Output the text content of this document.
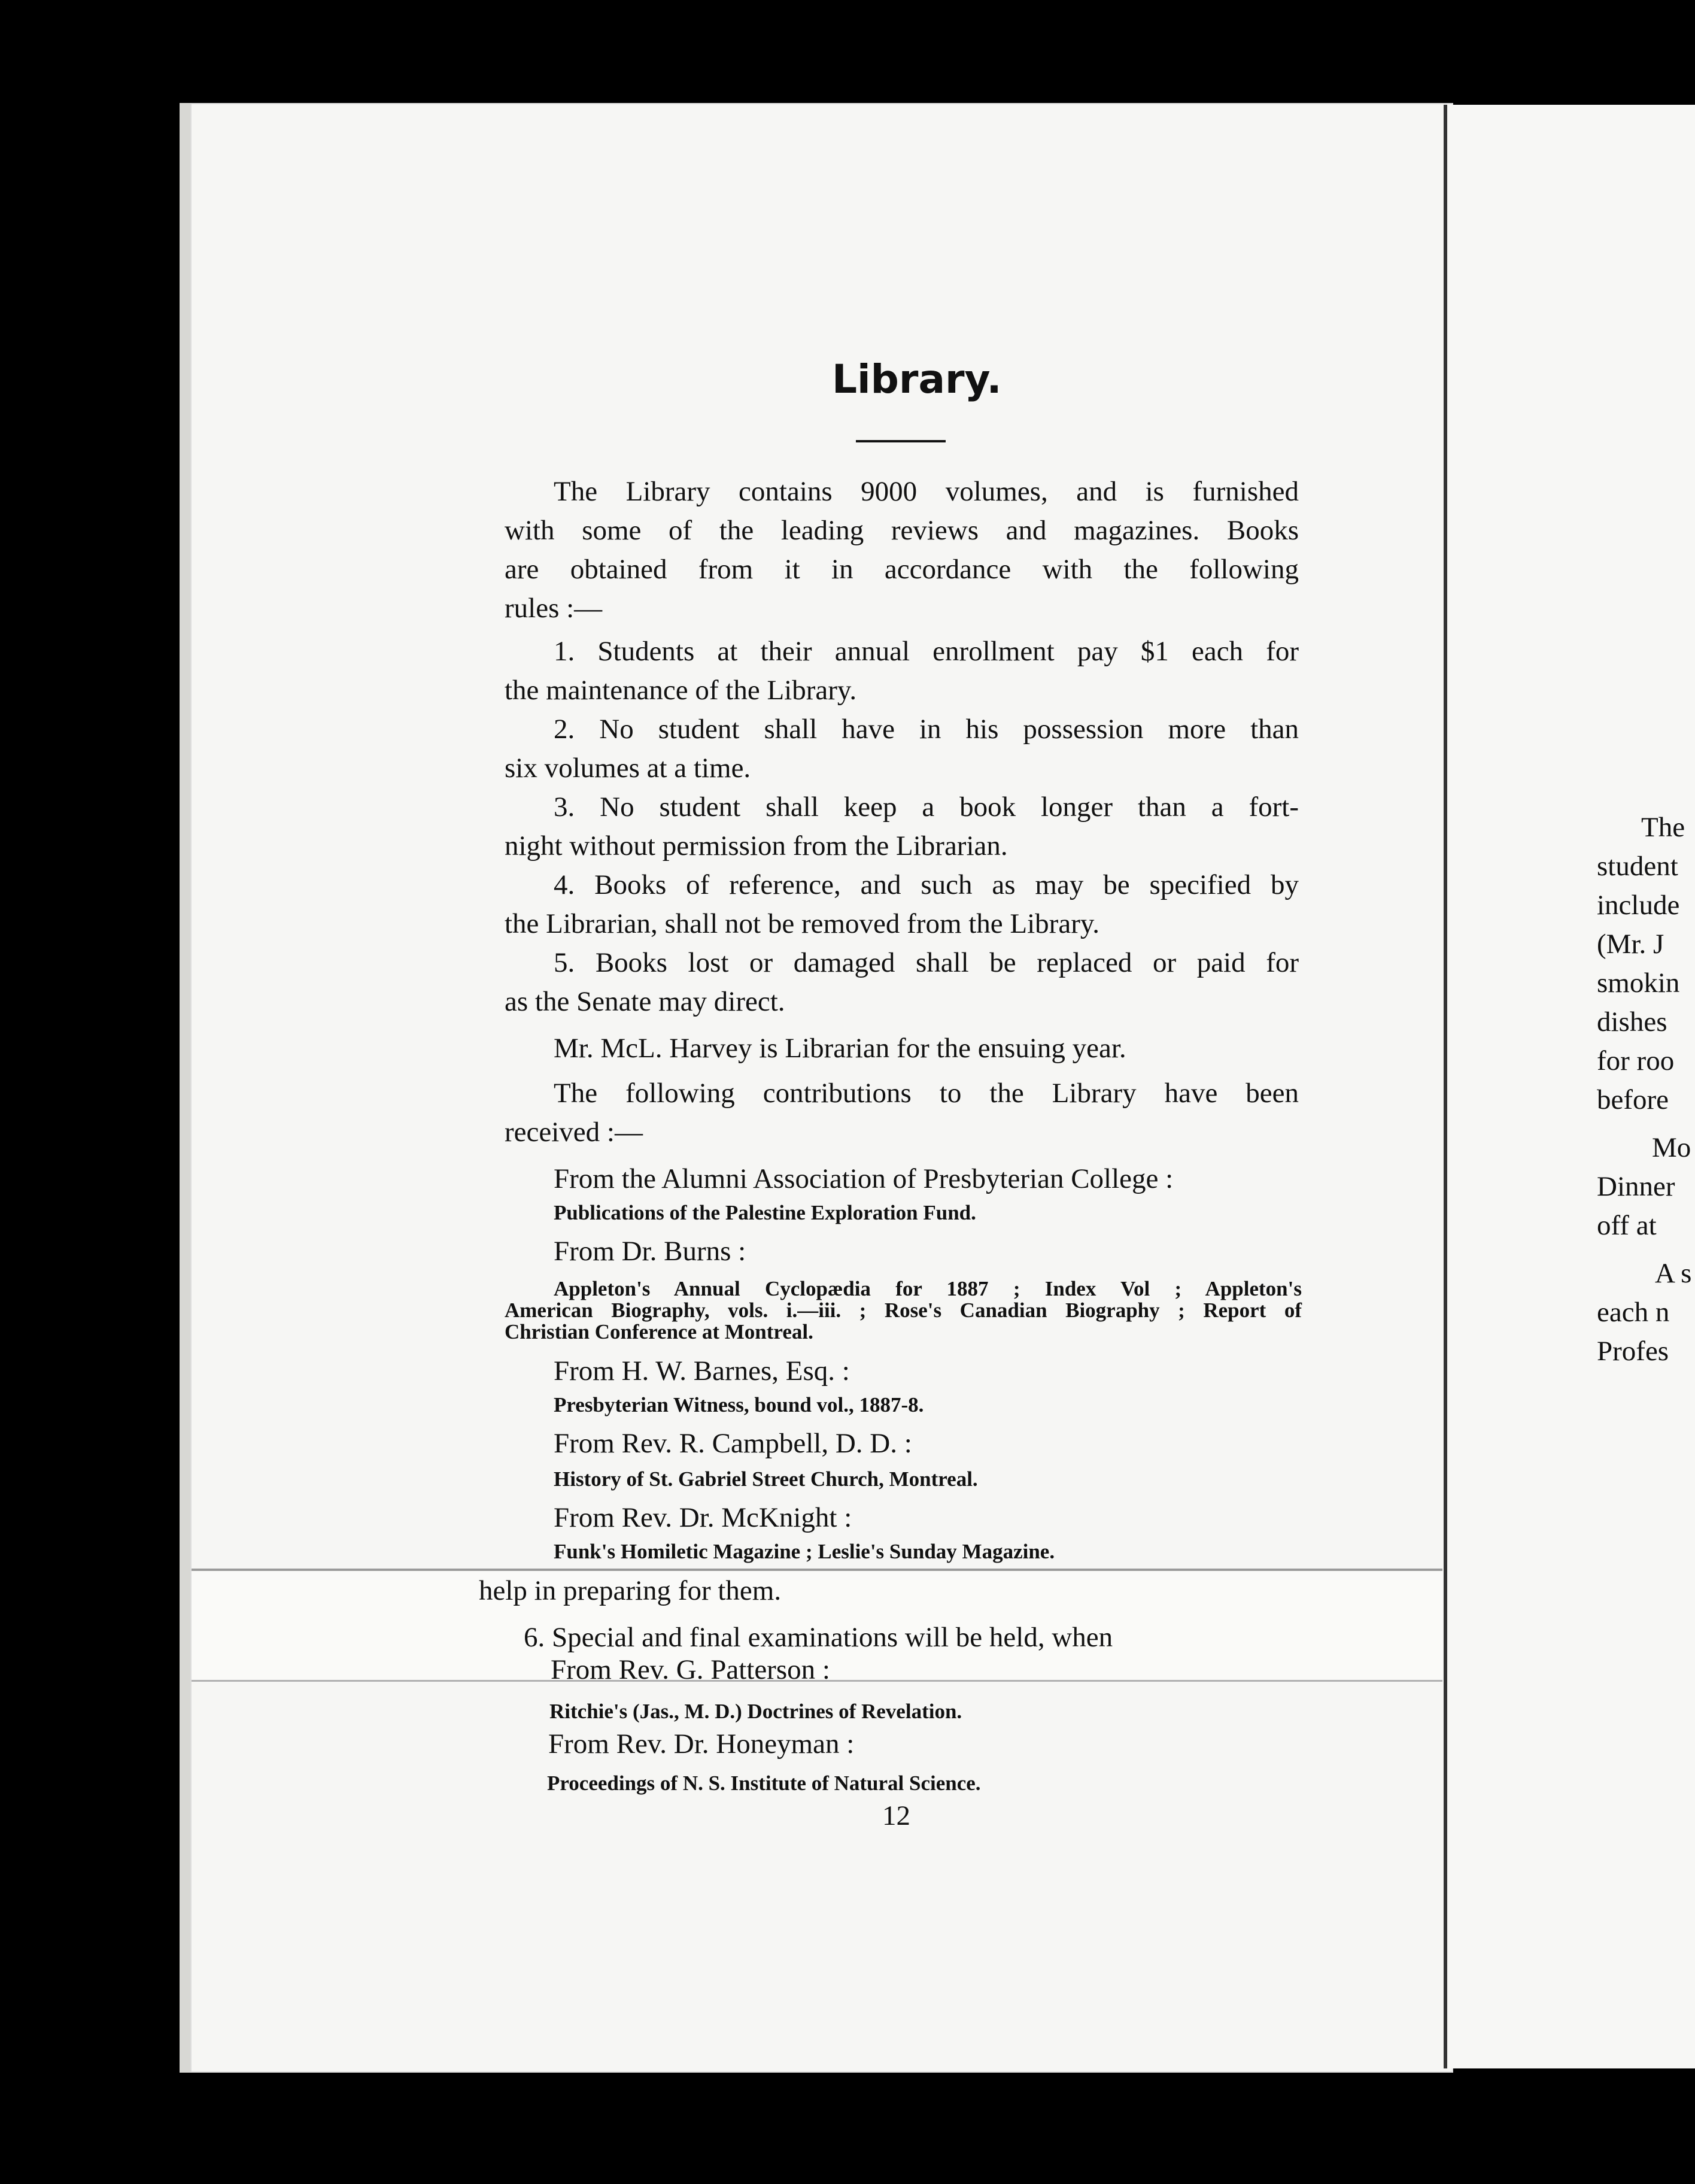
Library.
The Library contains 9000 volumes, and is furnished
with some of the leading reviews and magazines. Books
are obtained from it in accordance with the following
rules :—
1. Students at their annual enrollment pay $1 each for
the maintenance of the Library.
2. No student shall have in his possession more than
six volumes at a time.
3. No student shall keep a book longer than a fort-
night without permission from the Librarian.
4. Books of reference, and such as may be specified by
the Librarian, shall not be removed from the Library.
5. Books lost or damaged shall be replaced or paid for
as the Senate may direct.
Mr. McL. Harvey is Librarian for the ensuing year.
The following contributions to the Library have been
received :—
From the Alumni Association of Presbyterian College :
Publications of the Palestine Exploration Fund.
From Dr. Burns :
Appleton's Annual Cyclopædia for 1887 ; Index Vol ; Appleton's
American Biography, vols. i.—iii. ; Rose's Canadian Biography ; Report of
Christian Conference at Montreal.
From H. W. Barnes, Esq. :
Presbyterian Witness, bound vol., 1887-8.
From Rev. R. Campbell, D. D. :
History of St. Gabriel Street Church, Montreal.
From Rev. Dr. McKnight :
Funk's Homiletic Magazine ; Leslie's Sunday Magazine.
help in preparing for them.
6. Special and final examinations will be held, when
From Rev. G. Patterson :
Ritchie's (Jas., M. D.) Doctrines of Revelation.
From Rev. Dr. Honeyman :
Proceedings of N. S. Institute of Natural Science.
12
The
student
include
(Mr. J
smokin
dishes
for roo
before
Mo
Dinner
off at
A s
each n
Profes
